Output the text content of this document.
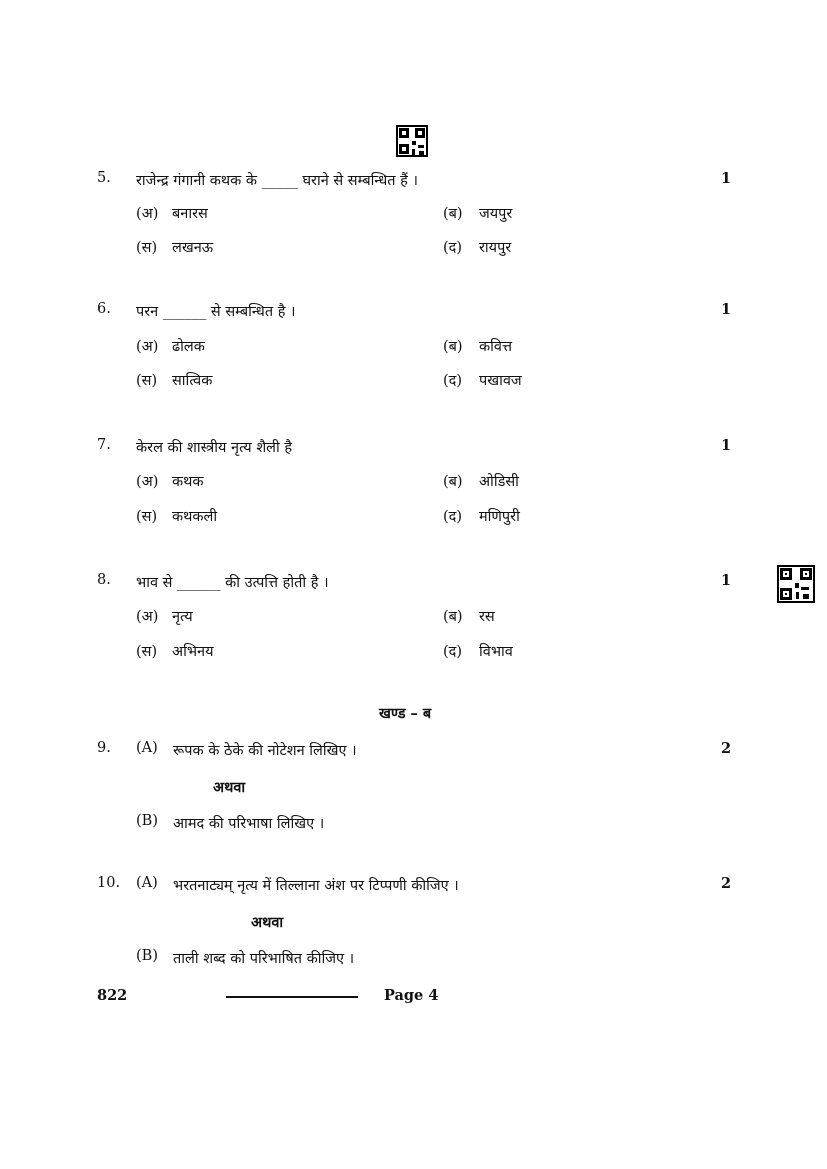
5.	राजेन्द्र गंगानी कथक के _____ घराने से सम्बन्धित हैं ।	1
(अ) बनारस	(ब) जयपुर
(स) लखनऊ	(द) रायपुर
6.	परन ______ से सम्बन्धित है ।	1
(अ) ढोलक	(ब) कवित्त
(स) सात्विक	(द) पखावज
7.	केरल की शास्त्रीय नृत्य शैली है	1
(अ) कथक	(ब) ओडिसी
(स) कथकली	(द) मणिपुरी
8.	भाव से ______ की उत्पत्ति होती है ।	1
(अ) नृत्य	(ब) रस
(स) अभिनय	(द) विभाव
खण्ड – ब
9.	(A) रूपक के ठेके की नोटेशन लिखिए ।	2
अथवा
(B) आमद की परिभाषा लिखिए ।
10.	(A) भरतनाट्यम् नृत्य में तिल्लाना अंश पर टिप्पणी कीजिए ।	2
अथवा
(B) ताली शब्द को परिभाषित कीजिए ।
822	Page 4
